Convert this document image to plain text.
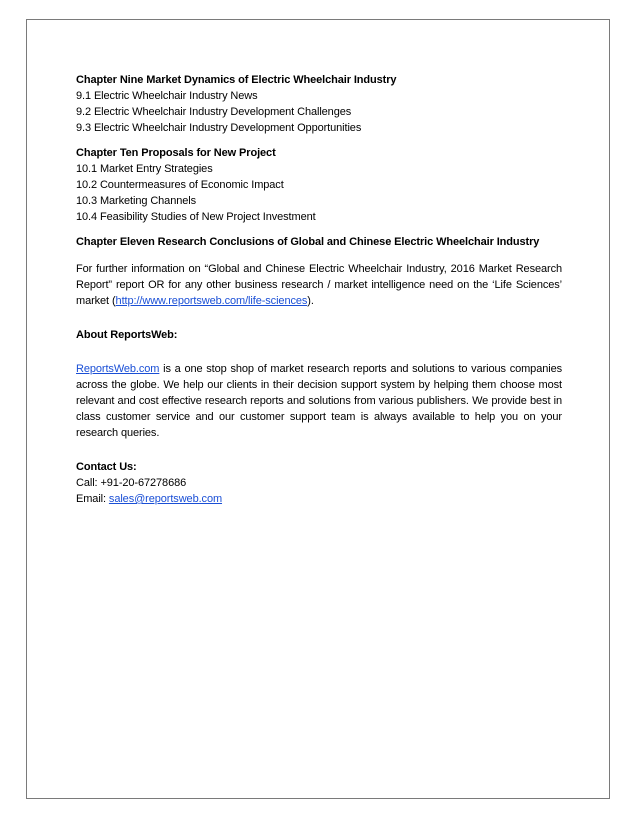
Chapter Nine Market Dynamics of Electric Wheelchair Industry

9.1 Electric Wheelchair Industry News

9.2 Electric Wheelchair Industry Development Challenges

9.3 Electric Wheelchair Industry Development Opportunities

Chapter Ten Proposals for New Project

10.1 Market Entry Strategies

10.2 Countermeasures of Economic Impact

10.3 Marketing Channels

10.4 Feasibility Studies of New Project Investment

Chapter Eleven Research Conclusions of Global and Chinese Electric Wheelchair Industry

For further information on “Global and Chinese Electric Wheelchair Industry, 2016 Market Research Report” report OR for any other business research / market intelligence need on the ‘Life Sciences’ market (http://www.reportsweb.com/life-sciences).

About ReportsWeb:

ReportsWeb.com is a one stop shop of market research reports and solutions to various companies across the globe. We help our clients in their decision support system by helping them choose most relevant and cost effective research reports and solutions from various publishers. We provide best in class customer service and our customer support team is always available to help you on your research queries.

Contact Us:

Call: +91-20-67278686

Email: sales@reportsweb.com
